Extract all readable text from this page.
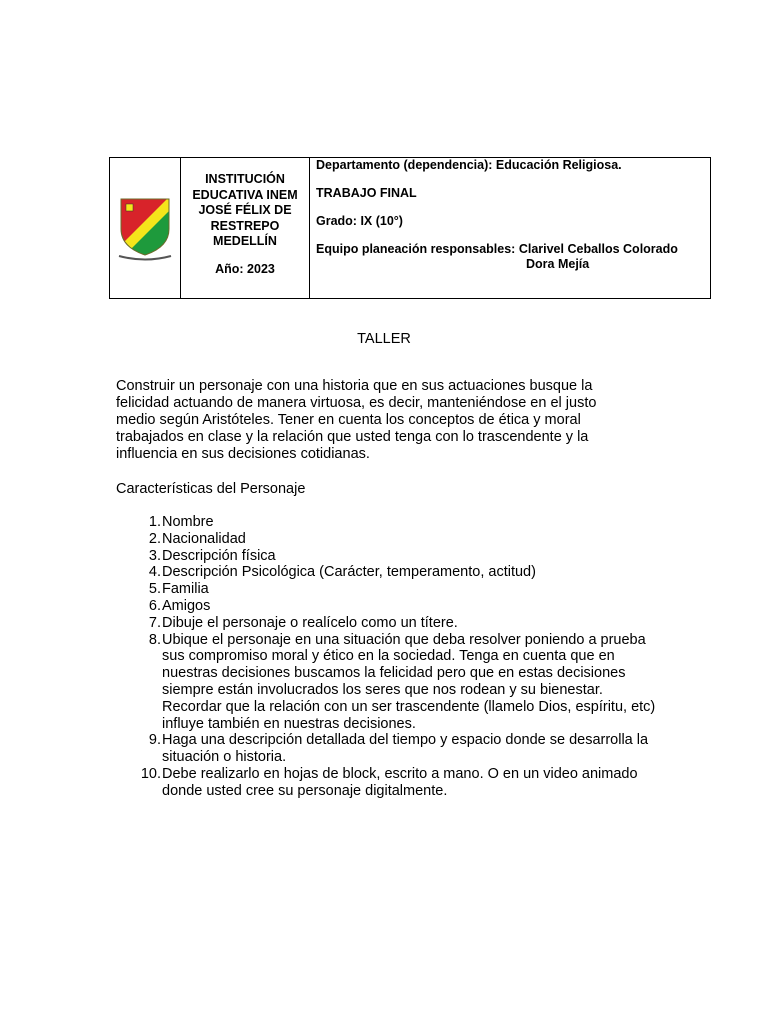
INSTITUCIÓN
EDUCATIVA INEM
JOSÉ FÉLIX DE
RESTREPO
MEDELLÍN
Año: 2023

Departamento (dependencia): Educación Religiosa.

TRABAJO FINAL

Grado: IX (10°)

Equipo planeación responsables: Clarivel Ceballos Colorado

Dora Mejía

TALLER

Construir un personaje con una historia que en sus actuaciones busque la felicidad actuando de manera virtuosa, es decir, manteniéndose en el justo medio según Aristóteles. Tener en cuenta los conceptos de ética y moral trabajados en clase y la relación que usted tenga con lo trascendente y la influencia en sus decisiones cotidianas.

Características del Personaje

1. Nombre
2. Nacionalidad
3. Descripción física
4. Descripción Psicológica (Carácter, temperamento, actitud)
5. Familia
6. Amigos
7. Dibuje el personaje o realícelo como un títere.
8. Ubique el personaje en una situación que deba resolver poniendo a prueba sus compromiso moral y ético en la sociedad. Tenga en cuenta que en nuestras decisiones buscamos la felicidad pero que en estas decisiones siempre están involucrados los seres que nos rodean y su bienestar. Recordar que la relación con un ser trascendente (llamelo Dios, espíritu, etc) influye también en nuestras decisiones.
9. Haga una descripción detallada del tiempo y espacio donde se desarrolla la situación o historia.
10. Debe realizarlo en hojas de block, escrito a mano. O en un video animado donde usted cree su personaje digitalmente.
